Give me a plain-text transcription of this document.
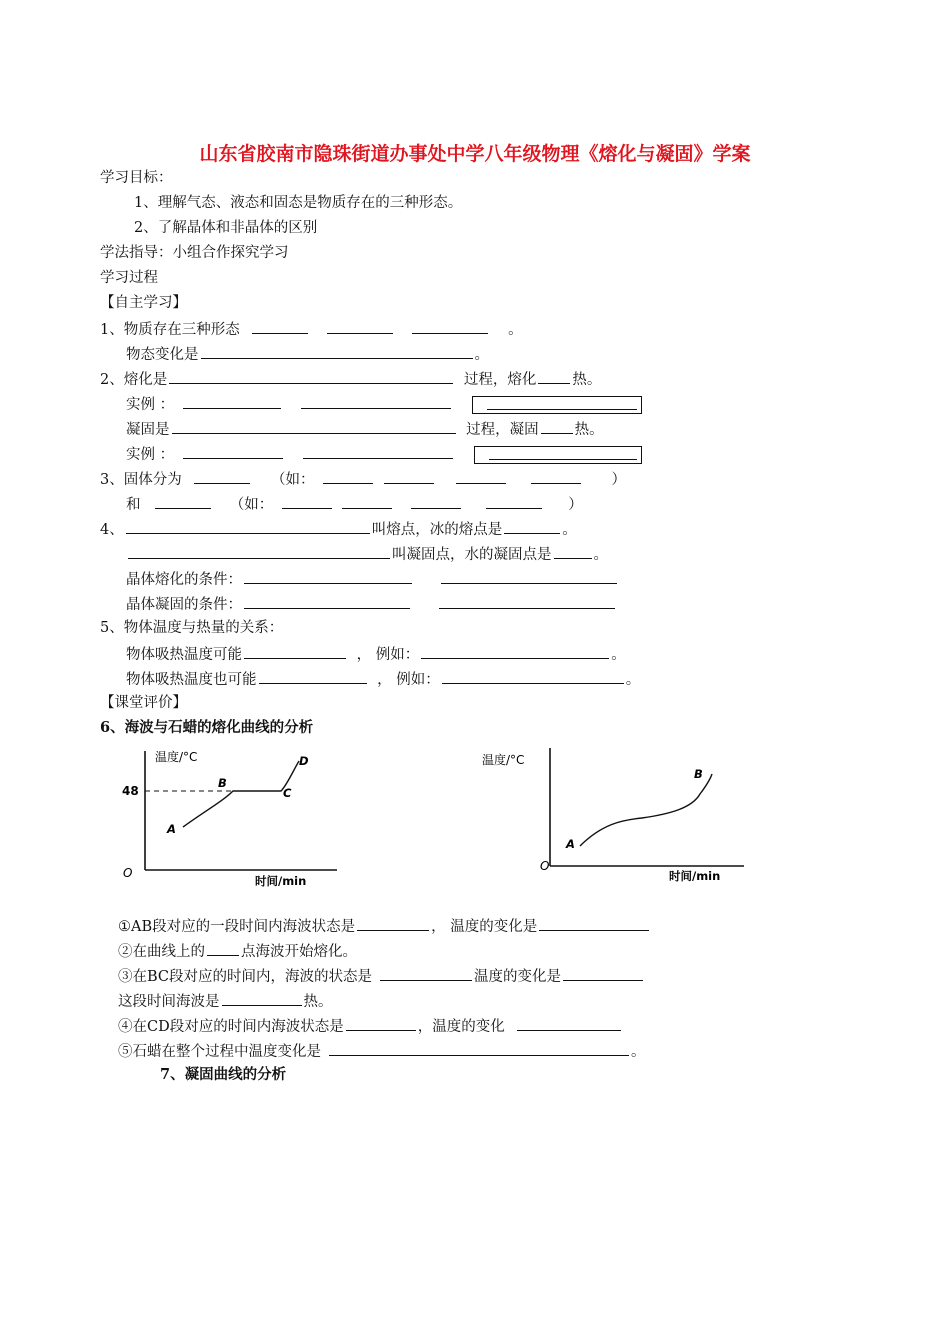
山东省胶南市隐珠街道办事处中学八年级物理《熔化与凝固》学案
学习目标：
1、理解气态、液态和固态是物质存在的三种形态。
2、了解晶体和非晶体的区别
学法指导：小组合作探究学习
学习过程
【自主学习】
1、物质存在三种形态	。
物态变化是	。
2、熔化是	过程，熔化 热。
实例 ：
凝固是	过程，凝固 热。
实例 ：
3、固体分为	（如：	）
和	（如：	）
4、	叫熔点，冰的熔点是	。
叫凝固点，水的凝固点是	。
晶体熔化的条件：
晶体凝固的条件：
5、物体温度与热量的关系：
物体吸热温度可能	， 例如：	。
物体吸热温度也可能	， 例如：	。
【课堂评价】
6、海波与石蜡的熔化曲线的分析
温度/°C
时间/min
O
48
A
B
C
D	温度/°C
时间/min
O
A
B
①AB段对应的一段时间内海波状态是	， 温度的变化是
②在曲线上的 点海波开始熔化。
③在BC段对应的时间内，海波的状态是	温度的变化是
这段时间海波是	热。
④在CD段对应的时间内海波状态是	，温度的变化
⑤石蜡在整个过程中温度变化是	。
7、凝固曲线的分析
